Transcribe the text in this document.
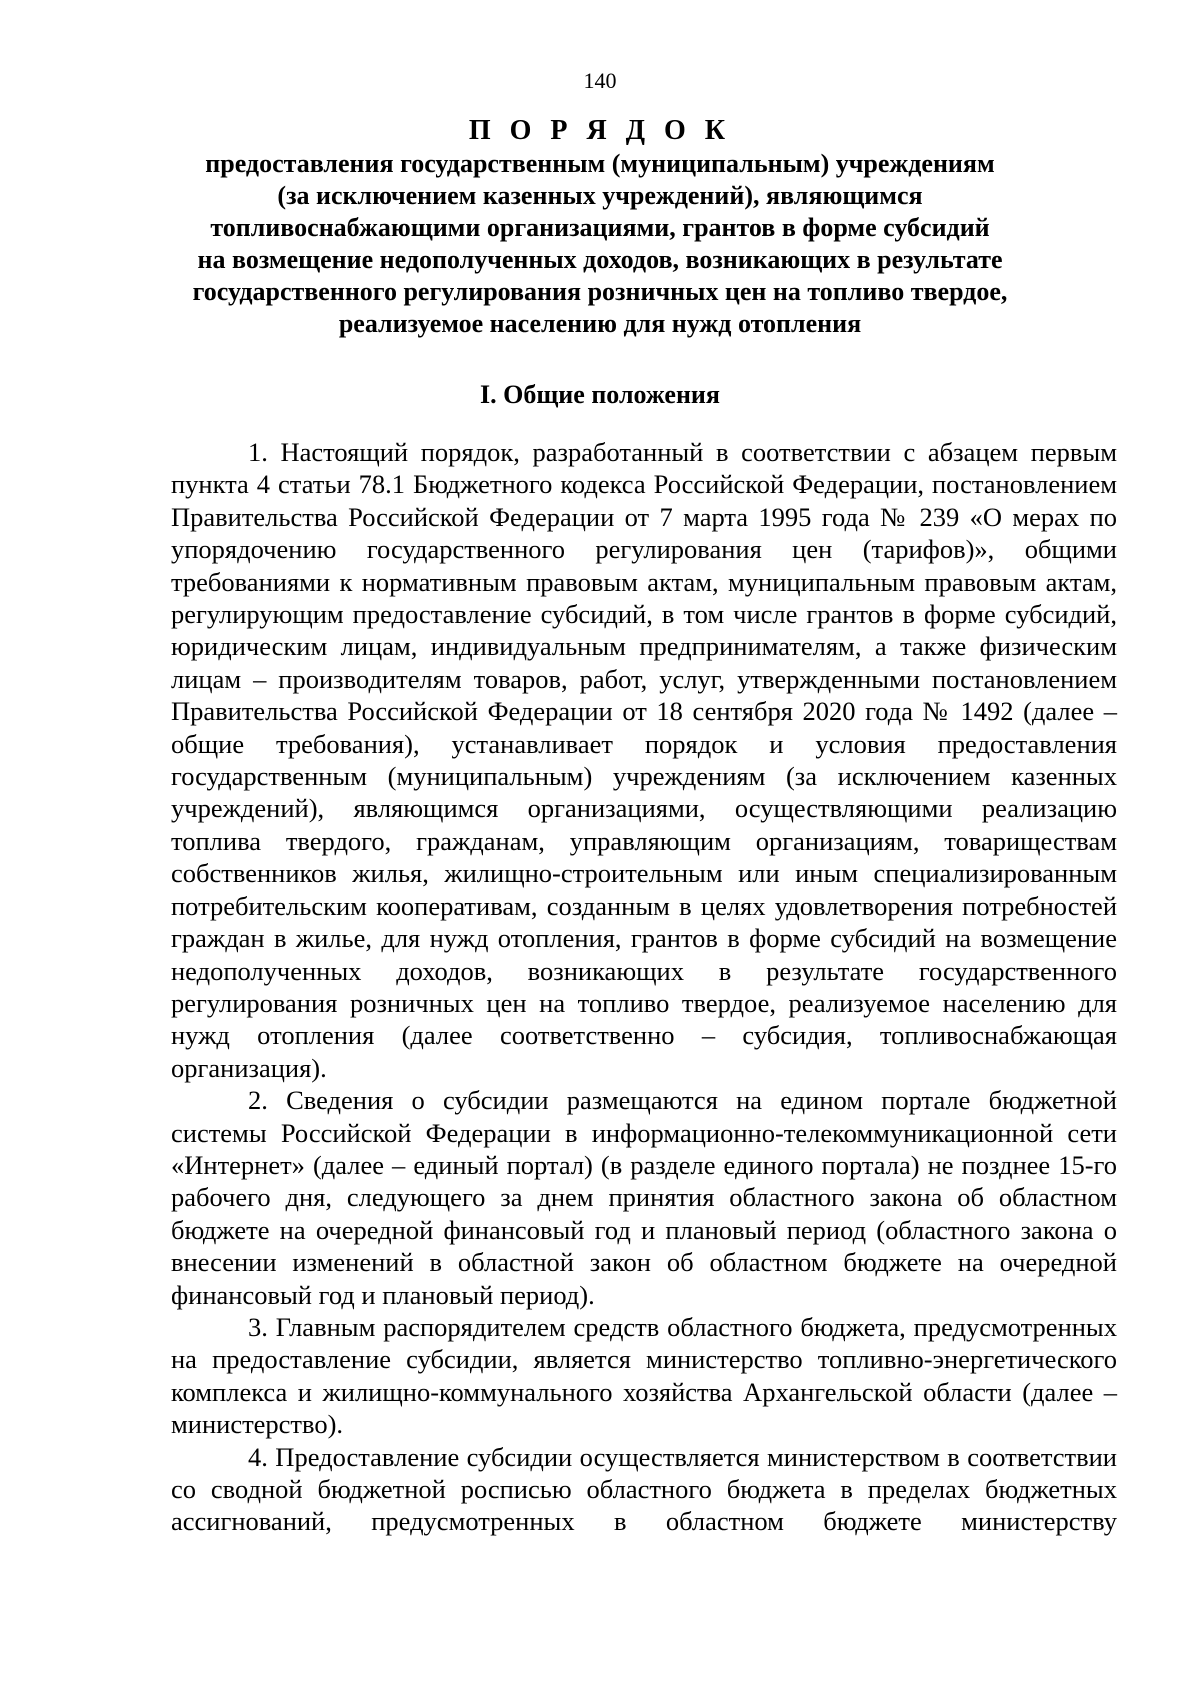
140
П О Р Я Д О К
предоставления государственным (муниципальным) учреждениям
(за исключением казенных учреждений), являющимся
топливоснабжающими организациями, грантов в форме субсидий
на возмещение недополученных доходов, возникающих в результате
государственного регулирования розничных цен на топливо твердое,
реализуемое населению для нужд отопления
I. Общие положения

1. Настоящий порядок, разработанный в соответствии с абзацем первым пункта 4 статьи 78.1 Бюджетного кодекса Российской Федерации, постановлением Правительства Российской Федерации от 7 марта 1995 года № 239 «О мерах по упорядочению государственного регулирования цен (тарифов)», общими требованиями к нормативным правовым актам, муниципальным правовым актам, регулирующим предоставление субсидий, в том числе грантов в форме субсидий, юридическим лицам, индивидуальным предпринимателям, а также физическим лицам – производителям товаров, работ, услуг, утвержденными постановлением Правительства Российской Федерации от 18 сентября 2020 года № 1492 (далее – общие требования), устанавливает порядок и условия предоставления государственным (муниципальным) учреждениям (за исключением казенных учреждений), являющимся организациями, осуществляющими реализацию топлива твердого, гражданам, управляющим организациям, товариществам собственников жилья, жилищно-строительным или иным специализированным потребительским кооперативам, созданным в целях удовлетворения потребностей граждан в жилье, для нужд отопления, грантов в форме субсидий на возмещение недополученных доходов, возникающих в результате государственного регулирования розничных цен на топливо твердое, реализуемое населению для нужд отопления (далее соответственно – субсидия, топливоснабжающая организация).

2. Сведения о субсидии размещаются на едином портале бюджетной системы Российской Федерации в информационно-телекоммуникационной сети «Интернет» (далее – единый портал) (в разделе единого портала) не позднее 15-го рабочего дня, следующего за днем принятия областного закона об областном бюджете на очередной финансовый год и плановый период (областного закона о внесении изменений в областной закон об областном бюджете на очередной финансовый год и плановый период).

3. Главным распорядителем средств областного бюджета, предусмотренных на предоставление субсидии, является министерство топливно-энергетического комплекса и жилищно-коммунального хозяйства Архангельской области (далее – министерство).

4. Предоставление субсидии осуществляется министерством в соответствии со сводной бюджетной росписью областного бюджета в пределах бюджетных ассигнований, предусмотренных в областном бюджете министерству
